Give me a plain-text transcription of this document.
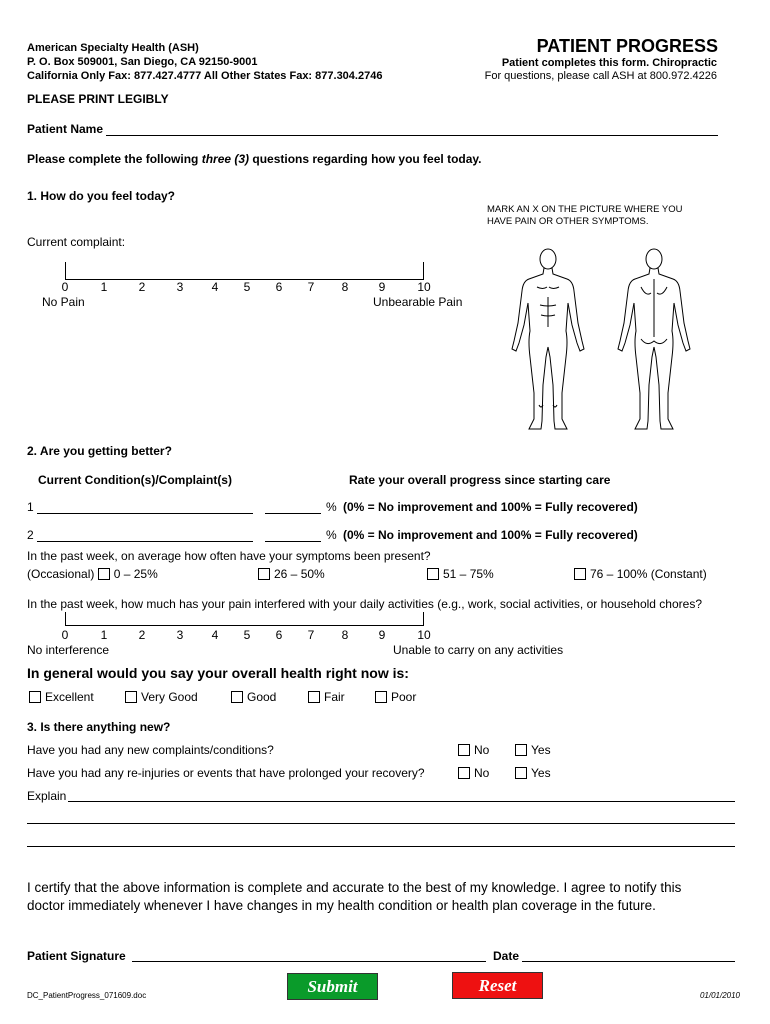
American Specialty Health (ASH)
P. O. Box 509001, San Diego, CA 92150-9001
California Only Fax: 877.427.4777 All Other States Fax: 877.304.2746
PATIENT PROGRESS
Patient completes this form. Chiropractic
For questions, please call ASH at 800.972.4226
PLEASE PRINT LEGIBLY
Patient Name
Please complete the following three (3) questions regarding how you feel today.
1. How do you feel today?
MARK AN X ON THE PICTURE WHERE YOU
HAVE PAIN OR OTHER SYMPTOMS.
Current complaint:
0	1	2	3 4 5 6 7 8	9	10
No Pain	Unbearable Pain
2. Are you getting better?
Current Condition(s)/Complaint(s)	Rate your overall progress since starting care
1	% (0% = No improvement and 100% = Fully recovered)
2	% (0% = No improvement and 100% = Fully recovered)
In the past week, on average how often have your symptoms been present?
(Occasional) 0 – 25%	26 – 50%	51 – 75%	76 – 100% (Constant)
In the past week, how much has your pain interfered with your daily activities (e.g., work, social activities, or household chores?
0	1	2	3 4 5 6 7 8	9	10
No interference	Unable to carry on any activities
In general would you say your overall health right now is:
Excellent	Very Good	Good	Fair	Poor
3. Is there anything new?
Have you had any new complaints/conditions?	No	Yes
Have you had any re-injuries or events that have prolonged your recovery?	No	Yes
Explain
I certify that the above information is complete and accurate to the best of my knowledge. I agree to notify this
doctor immediately whenever I have changes in my health condition or health plan coverage in the future.
Patient Signature	Date
Submit	Reset
DC_PatientProgress_071609.doc	01/01/2010
